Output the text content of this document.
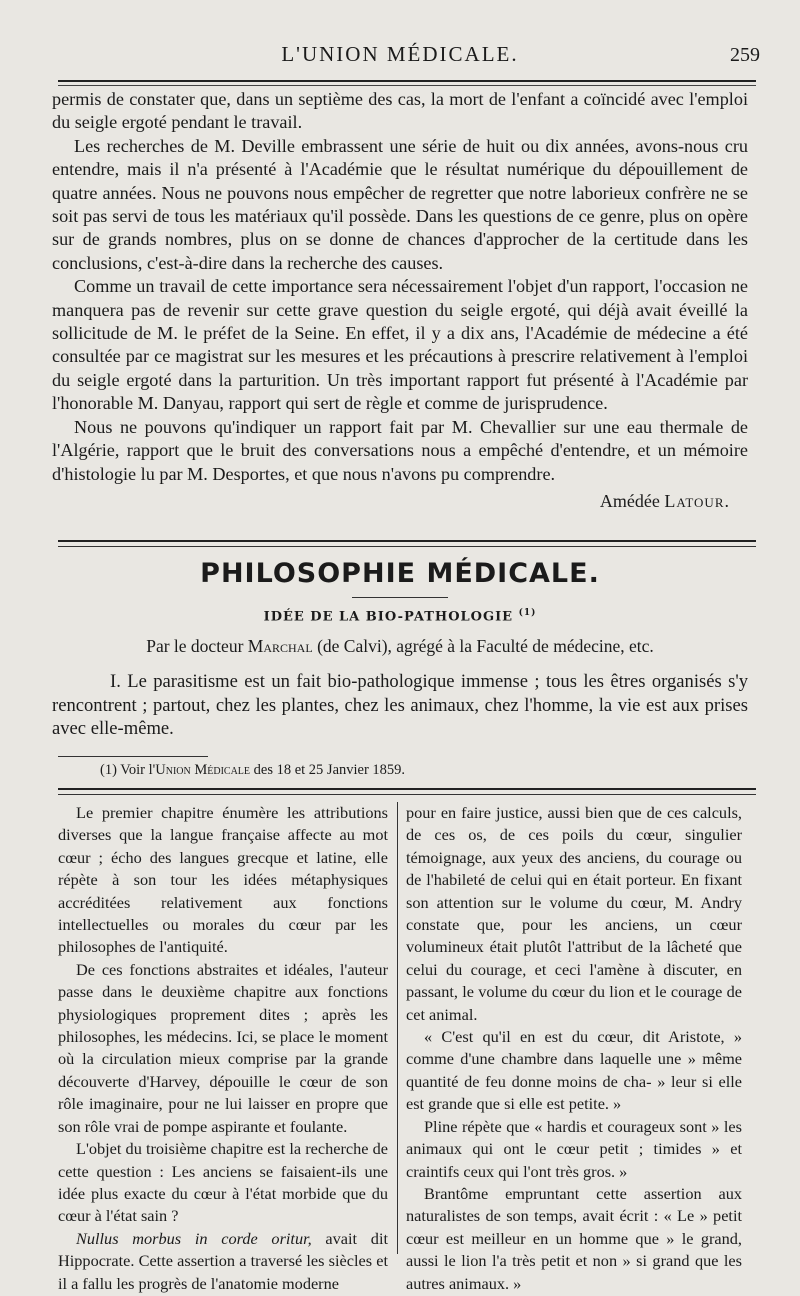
L'UNION MÉDICALE.	259

permis de constater que, dans un septième des cas, la mort de l'enfant a coïncidé avec l'emploi du seigle ergoté pendant le travail.

Les recherches de M. Deville embrassent une série de huit ou dix années, avons-nous cru entendre, mais il n'a présenté à l'Académie que le résultat numérique du dépouillement de quatre années. Nous ne pouvons nous empêcher de regretter que notre laborieux confrère ne se soit pas servi de tous les matériaux qu'il possède. Dans les questions de ce genre, plus on opère sur de grands nombres, plus on se donne de chances d'approcher de la certitude dans les conclusions, c'est-à-dire dans la recherche des causes.

Comme un travail de cette importance sera nécessairement l'objet d'un rapport, l'occasion ne manquera pas de revenir sur cette grave question du seigle ergoté, qui déjà avait éveillé la sollicitude de M. le préfet de la Seine. En effet, il y a dix ans, l'Académie de médecine a été consultée par ce magistrat sur les mesures et les précautions à prescrire relativement à l'emploi du seigle ergoté dans la parturition. Un très important rapport fut présenté à l'Académie par l'honorable M. Danyau, rapport qui sert de règle et comme de jurisprudence.

Nous ne pouvons qu'indiquer un rapport fait par M. Chevallier sur une eau thermale de l'Algérie, rapport que le bruit des conversations nous a empêché d'entendre, et un mémoire d'histologie lu par M. Desportes, et que nous n'avons pu comprendre.

Amédée Latour.
PHILOSOPHIE MÉDICALE.
IDÉE DE LA BIO-PATHOLOGIE $^{(1)}$
Par le docteur Marchal (de Calvi), agrégé à la Faculté de médecine, etc.

I. Le parasitisme est un fait bio-pathologique immense ; tous les êtres organisés s'y rencontrent ; partout, chez les plantes, chez les animaux, chez l'homme, la vie est aux prises avec elle-même.

(1) Voir l'Union Médicale des 18 et 25 Janvier 1859.

Le premier chapitre énumère les attributions diverses que la langue française affecte au mot cœur ; écho des langues grecque et latine, elle répète à son tour les idées métaphysiques accréditées relativement aux fonctions intellectuelles ou morales du cœur par les philosophes de l'antiquité.

De ces fonctions abstraites et idéales, l'auteur passe dans le deuxième chapitre aux fonctions physiologiques proprement dites ; après les philosophes, les médecins. Ici, se place le moment où la circulation mieux comprise par la grande découverte d'Harvey, dépouille le cœur de son rôle imaginaire, pour ne lui laisser en propre que son rôle vrai de pompe aspirante et foulante.

L'objet du troisième chapitre est la recherche de cette question : Les anciens se faisaient-ils une idée plus exacte du cœur à l'état morbide que du cœur à l'état sain ?

Nullus morbus in corde oritur, avait dit Hippocrate. Cette assertion a traversé les siècles et il a fallu les progrès de l'anatomie moderne

pour en faire justice, aussi bien que de ces calculs, de ces os, de ces poils du cœur, singulier témoignage, aux yeux des anciens, du courage ou de l'habileté de celui qui en était porteur. En fixant son attention sur le volume du cœur, M. Andry constate que, pour les anciens, un cœur volumineux était plutôt l'attribut de la lâcheté que celui du courage, et ceci l'amène à discuter, en passant, le volume du cœur du lion et le courage de cet animal.

« C'est qu'il en est du cœur, dit Aristote, » comme d'une chambre dans laquelle une » même quantité de feu donne moins de cha- » leur si elle est grande que si elle est petite. »

Pline répète que « hardis et courageux sont » les animaux qui ont le cœur petit ; timides » et craintifs ceux qui l'ont très gros. »

Brantôme empruntant cette assertion aux naturalistes de son temps, avait écrit : « Le » petit cœur est meilleur en un homme que » le grand, aussi le lion l'a très petit et non » si grand que les autres animaux. »
